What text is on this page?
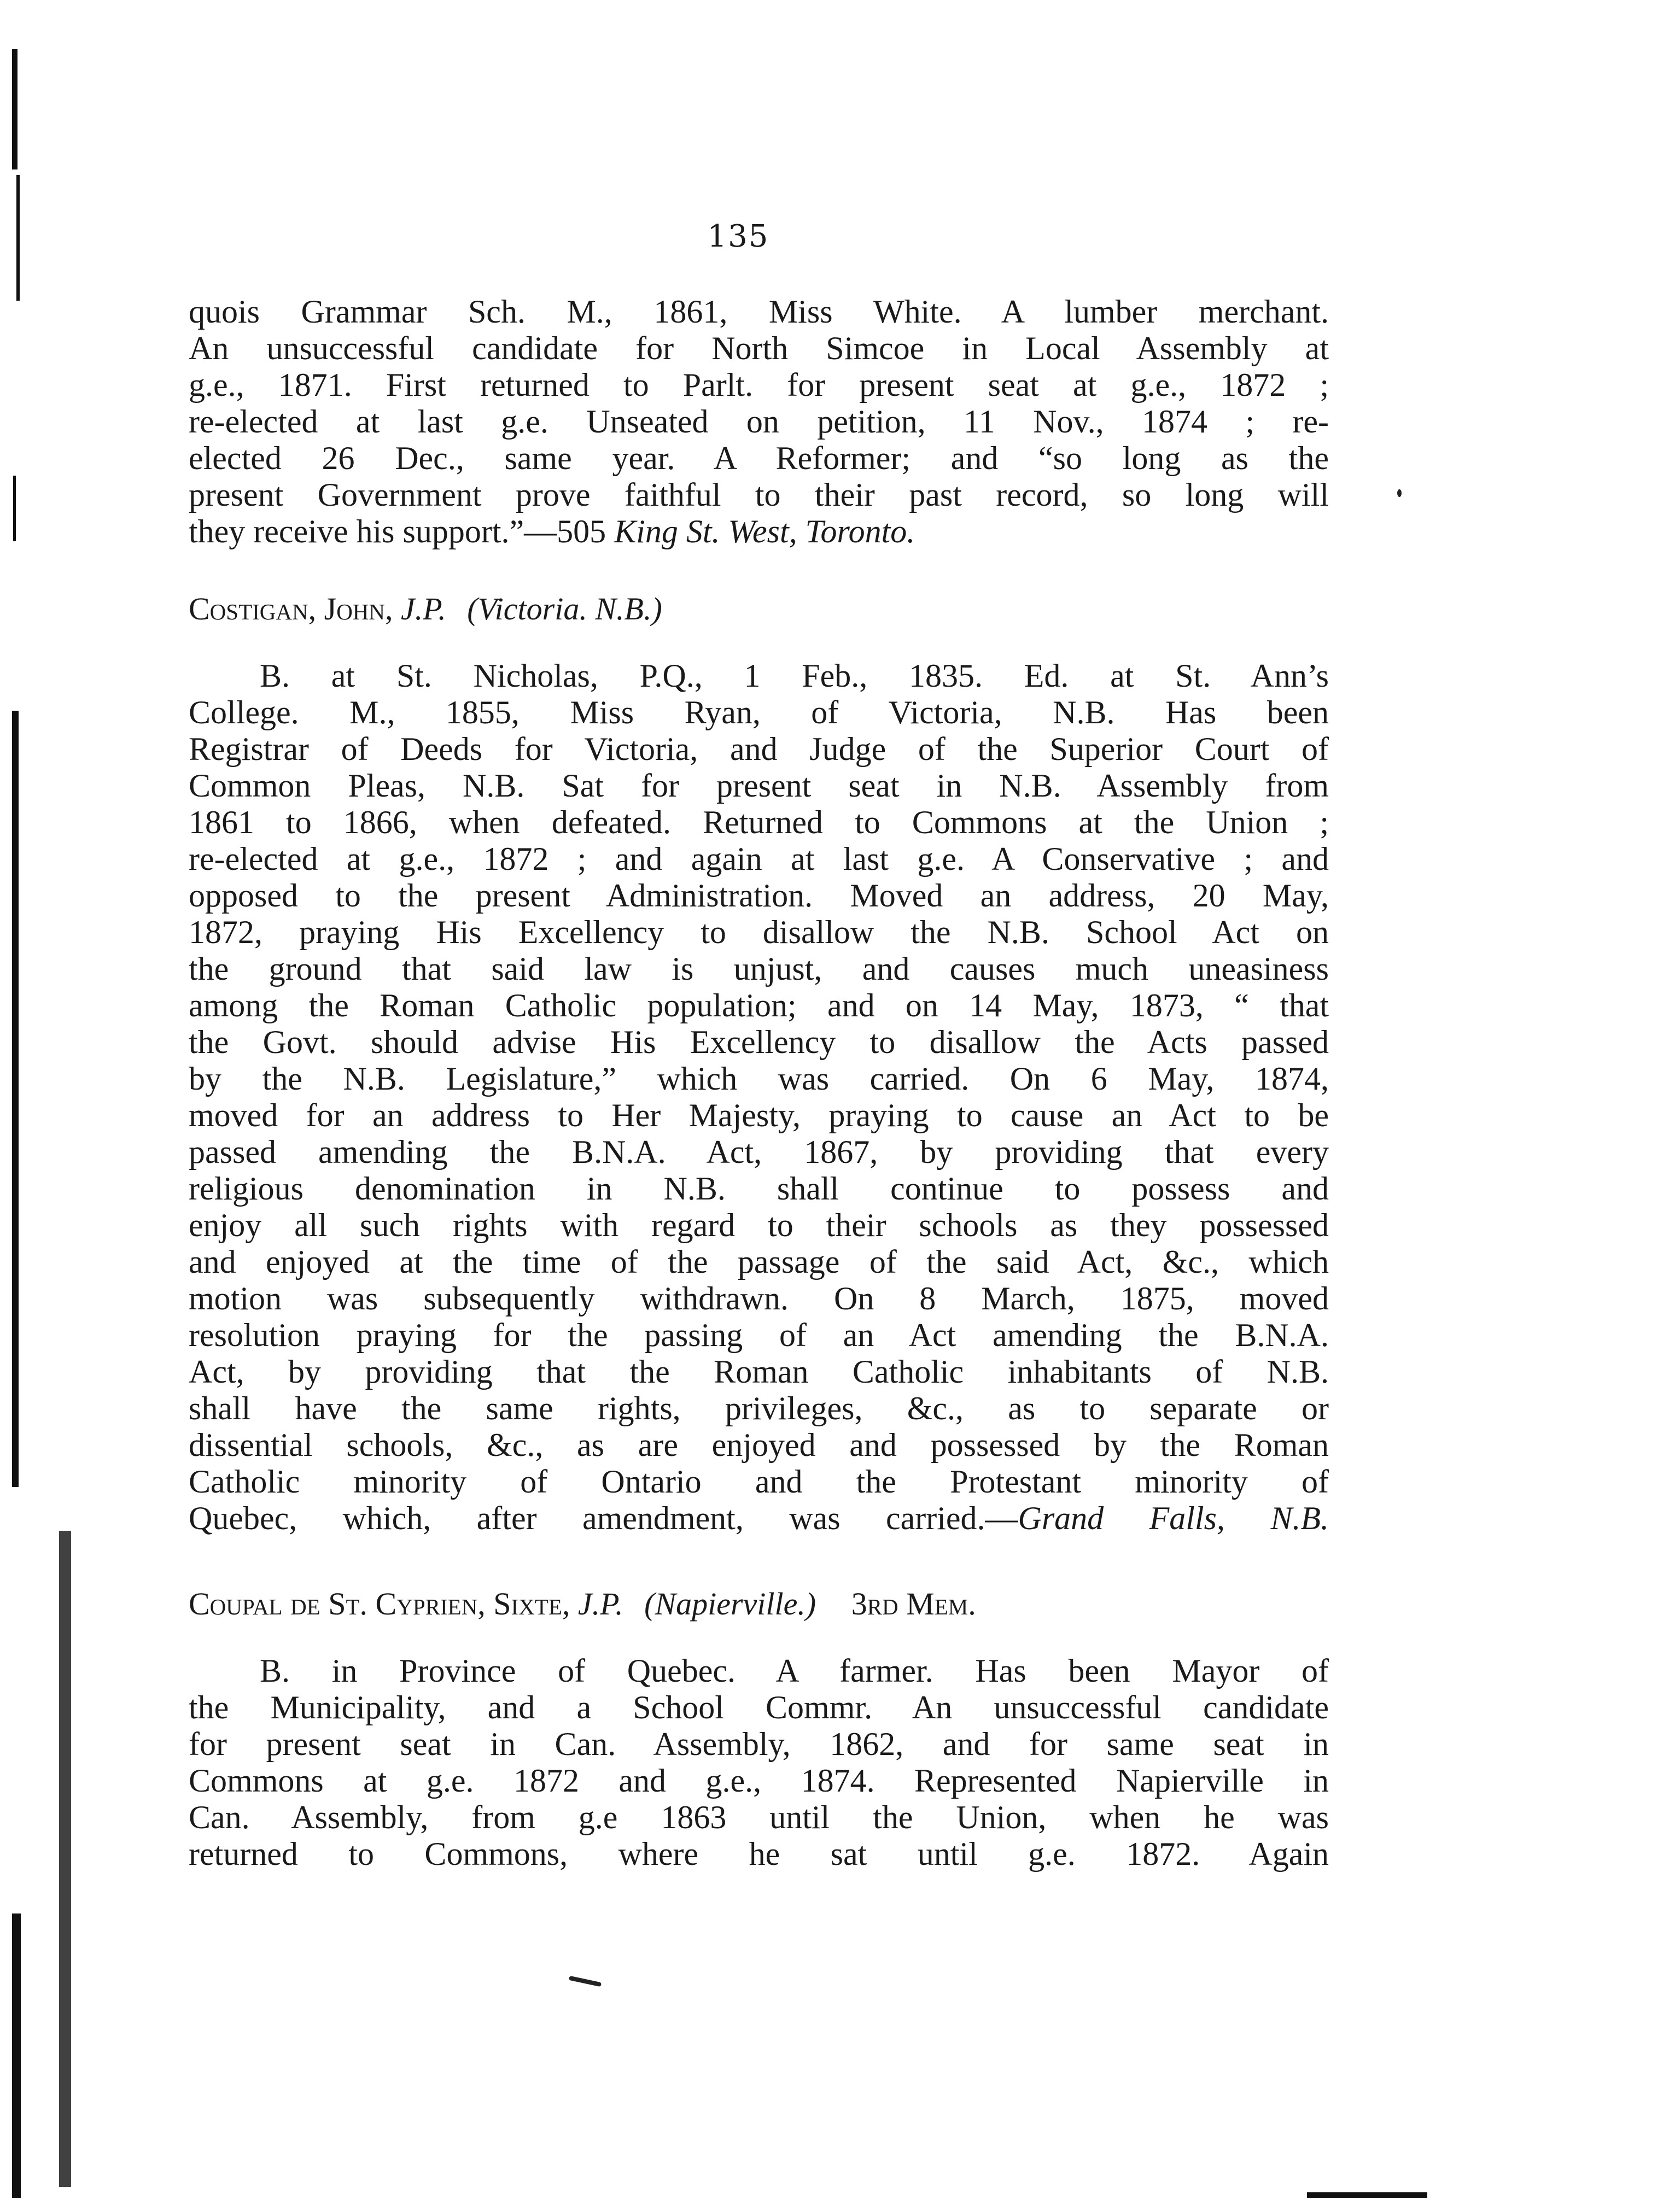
135
quois Grammar Sch. M., 1861, Miss White. A lumber merchant.
An unsuccessful candidate for North Simcoe in Local Assembly at
g.e., 1871. First returned to Parlt. for present seat at g.e., 1872 ;
re-elected at last g.e. Unseated on petition, 11 Nov., 1874 ; re-
elected 26 Dec., same year. A Reformer; and “so long as the
present Government prove faithful to their past record, so long will
they receive his support.”—505 King St. West, Toronto.
Costigan, John, J.P. (Victoria. N.B.)
B. at St. Nicholas, P.Q., 1 Feb., 1835. Ed. at St. Ann’s
College. M., 1855, Miss Ryan, of Victoria, N.B. Has been
Registrar of Deeds for Victoria, and Judge of the Superior Court of
Common Pleas, N.B. Sat for present seat in N.B. Assembly from
1861 to 1866, when defeated. Returned to Commons at the Union ;
re-elected at g.e., 1872 ; and again at last g.e. A Conservative ; and
opposed to the present Administration. Moved an address, 20 May,
1872, praying His Excellency to disallow the N.B. School Act on
the ground that said law is unjust, and causes much uneasiness
among the Roman Catholic population; and on 14 May, 1873, “ that
the Govt. should advise His Excellency to disallow the Acts passed
by the N.B. Legislature,” which was carried. On 6 May, 1874,
moved for an address to Her Majesty, praying to cause an Act to be
passed amending the B.N.A. Act, 1867, by providing that every
religious denomination in N.B. shall continue to possess and
enjoy all such rights with regard to their schools as they possessed
and enjoyed at the time of the passage of the said Act, &c., which
motion was subsequently withdrawn. On 8 March, 1875, moved
resolution praying for the passing of an Act amending the B.N.A.
Act, by providing that the Roman Catholic inhabitants of N.B.
shall have the same rights, privileges, &c., as to separate or
dissential schools, &c., as are enjoyed and possessed by the Roman
Catholic minority of Ontario and the Protestant minority of
Quebec, which, after amendment, was carried.—Grand Falls, N.B.
Coupal de St. Cyprien, Sixte, J.P. (Napierville.) 3rd Mem.
B. in Province of Quebec. A farmer. Has been Mayor of
the Municipality, and a School Commr. An unsuccessful candidate
for present seat in Can. Assembly, 1862, and for same seat in
Commons at g.e. 1872 and g.e., 1874. Represented Napierville in
Can. Assembly, from g.e 1863 until the Union, when he was
returned to Commons, where he sat until g.e. 1872. Again
